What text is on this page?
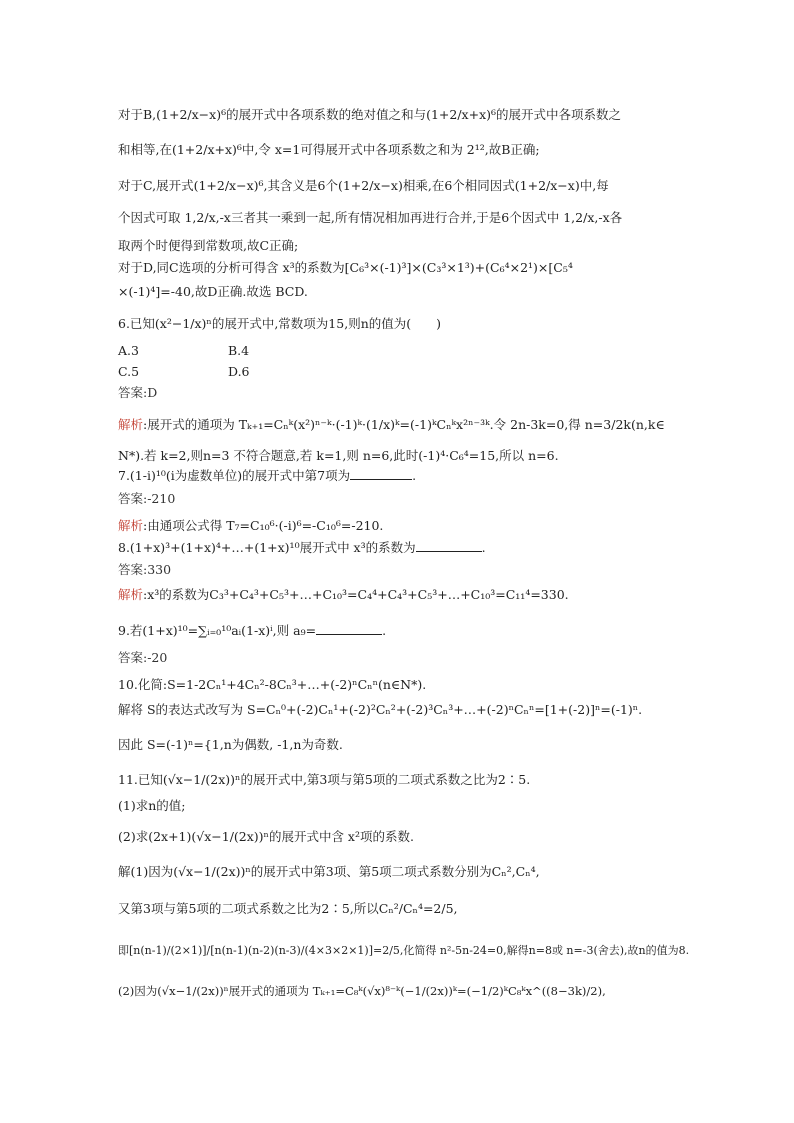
对于B,(1+2/x−x)⁶的展开式中各项系数的绝对值之和与(1+2/x+x)⁶的展开式中各项系数之
和相等,在(1+2/x+x)⁶中,令 x=1可得展开式中各项系数之和为 2¹²,故B正确;
对于C,展开式(1+2/x−x)⁶,其含义是6个(1+2/x−x)相乘,在6个相同因式(1+2/x−x)中,每
个因式可取 1,2/x,-x三者其一乘到一起,所有情况相加再进行合并,于是6个因式中 1,2/x,-x各
取两个时便得到常数项,故C正确;
对于D,同C选项的分析可得含 x³的系数为[C₆³×(-1)³]×(C₃³×1³)+(C₆⁴×2¹)×[C₅⁴
×(-1)⁴]=-40,故D正确.故选 BCD.
6.已知(x²−1/x)ⁿ的展开式中,常数项为15,则n的值为(　　)
A.3	B.4
C.5	D.6
答案:D
解析:展开式的通项为 Tₖ₊₁=Cₙᵏ(x²)ⁿ⁻ᵏ·(-1)ᵏ·(1/x)ᵏ=(-1)ᵏCₙᵏx²ⁿ⁻³ᵏ.令 2n-3k=0,得 n=3/2k(n,k∈
N*).若 k=2,则n=3 不符合题意,若 k=1,则 n=6,此时(-1)⁴·C₆⁴=15,所以 n=6.
7.(1-i)¹⁰(i为虚数单位)的展开式中第7项为	.
答案:-210
解析:由通项公式得 T₇=C₁₀⁶·(-i)⁶=-C₁₀⁶=-210.
8.(1+x)³+(1+x)⁴+…+(1+x)¹⁰展开式中 x³的系数为	.
答案:330
解析:x³的系数为C₃³+C₄³+C₅³+…+C₁₀³=C₄⁴+C₄³+C₅³+…+C₁₀³=C₁₁⁴=330.
9.若(1+x)¹⁰=∑ᵢ₌₀¹⁰aᵢ(1-x)ⁱ,则 a₉=	.
答案:-20
10.化简:S=1-2Cₙ¹+4Cₙ²-8Cₙ³+…+(-2)ⁿCₙⁿ(n∈N*).
解将 S的表达式改写为 S=Cₙ⁰+(-2)Cₙ¹+(-2)²Cₙ²+(-2)³Cₙ³+…+(-2)ⁿCₙⁿ=[1+(-2)]ⁿ=(-1)ⁿ.
因此 S=(-1)ⁿ={1,n为偶数, -1,n为奇数.
11.已知(√x−1/(2x))ⁿ的展开式中,第3项与第5项的二项式系数之比为2∶5.
(1)求n的值;
(2)求(2x+1)(√x−1/(2x))ⁿ的展开式中含 x²项的系数.
解(1)因为(√x−1/(2x))ⁿ的展开式中第3项、第5项二项式系数分别为Cₙ²,Cₙ⁴,
又第3项与第5项的二项式系数之比为2∶5,所以Cₙ²/Cₙ⁴=2/5,
即[n(n-1)/(2×1)]/[n(n-1)(n-2)(n-3)/(4×3×2×1)]=2/5,化简得 n²-5n-24=0,解得n=8或 n=-3(舍去),故n的值为8.
(2)因为(√x−1/(2x))ⁿ展开式的通项为 Tₖ₊₁=C₈ᵏ(√x)⁸⁻ᵏ(−1/(2x))ᵏ=(−1/2)ᵏC₈ᵏx^((8−3k)/2),
